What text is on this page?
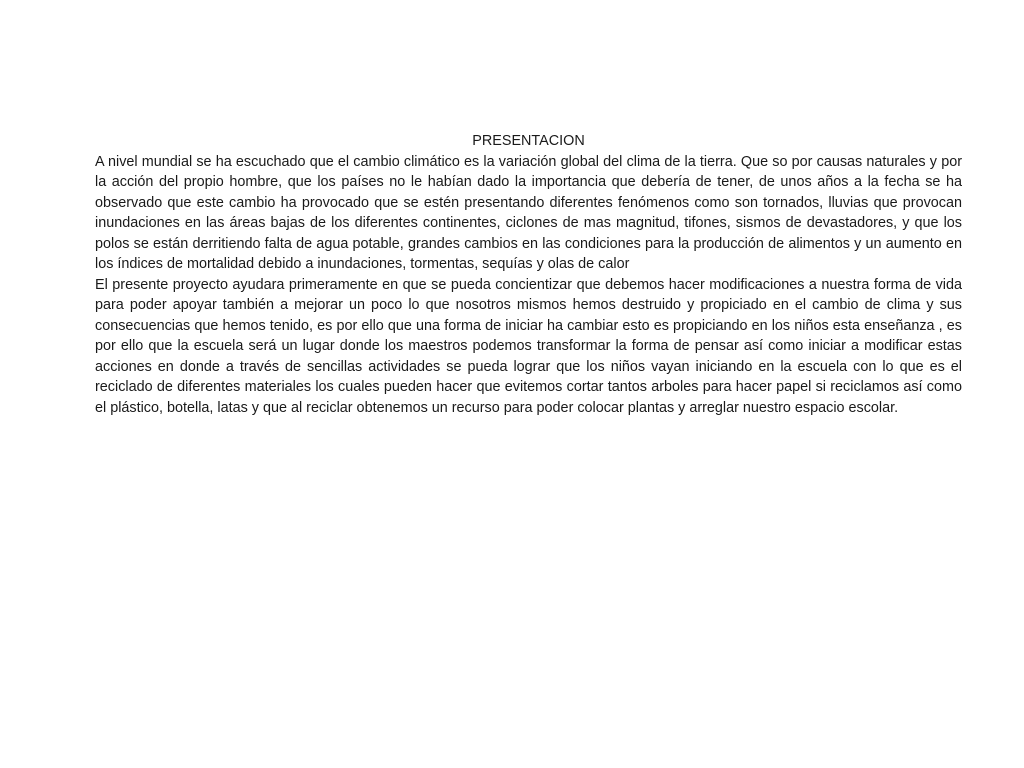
PRESENTACION

A nivel mundial se ha escuchado que el cambio climático es la variación global del clima de la tierra. Que so por causas naturales y por la acción del propio hombre, que los países no le habían dado la importancia que debería de tener, de unos años a la fecha se ha observado que este cambio ha provocado que se estén presentando diferentes fenómenos como son tornados, lluvias que provocan inundaciones en las áreas bajas de los diferentes continentes, ciclones de mas magnitud, tifones, sismos de devastadores, y que los polos se están derritiendo falta de agua potable, grandes cambios en las condiciones para la producción de alimentos y un aumento en los índices de mortalidad debido a inundaciones, tormentas, sequías y olas de calor

El presente proyecto ayudara primeramente en que se pueda concientizar que debemos hacer modificaciones a nuestra forma de vida para poder apoyar también a mejorar un poco lo que nosotros mismos hemos destruido y propiciado en el cambio de clima y sus consecuencias que hemos tenido, es por ello que una forma de iniciar ha cambiar esto es propiciando en los niños esta enseñanza , es por ello que la escuela será un lugar donde los maestros podemos transformar la forma de pensar así como iniciar a modificar estas acciones en donde a través de sencillas actividades se pueda lograr que los niños vayan iniciando en la escuela con lo que es el reciclado de diferentes materiales los cuales pueden hacer que evitemos cortar tantos arboles para hacer papel si reciclamos así como el plástico, botella, latas y que al reciclar obtenemos un recurso para poder colocar plantas y arreglar nuestro espacio escolar.
